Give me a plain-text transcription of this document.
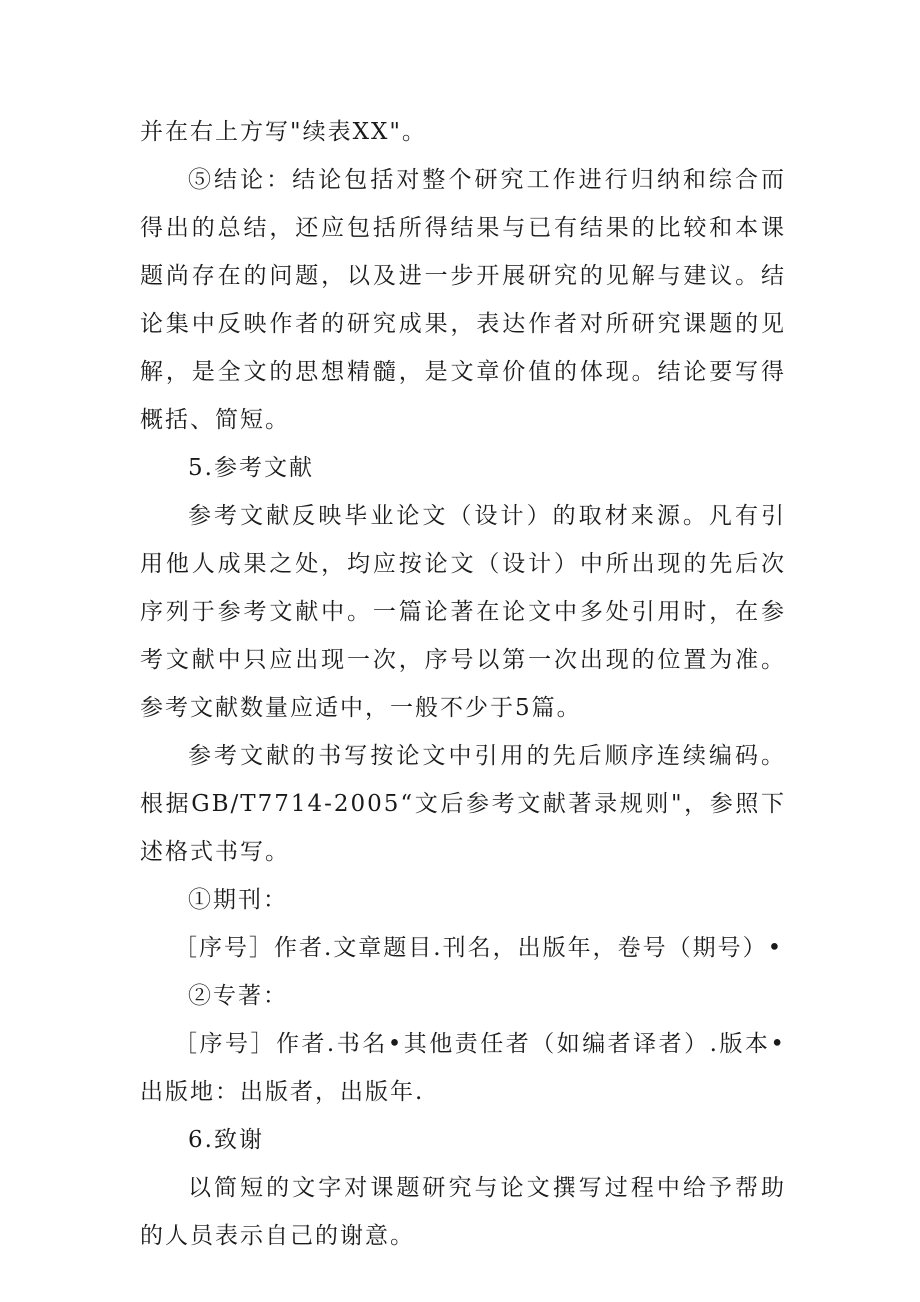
并在右上方写"续表XX"。

⑤结论：结论包括对整个研究工作进行归纳和综合而得出的总结，还应包括所得结果与已有结果的比较和本课题尚存在的问题，以及进一步开展研究的见解与建议。结论集中反映作者的研究成果，表达作者对所研究课题的见解，是全文的思想精髓，是文章价值的体现。结论要写得概括、简短。

5.参考文献

参考文献反映毕业论文（设计）的取材来源。凡有引用他人成果之处，均应按论文（设计）中所出现的先后次序列于参考文献中。一篇论著在论文中多处引用时，在参考文献中只应出现一次，序号以第一次出现的位置为准。参考文献数量应适中，一般不少于5篇。

参考文献的书写按论文中引用的先后顺序连续编码。根据GB/T7714-2005“文后参考文献著录规则"，参照下述格式书写。

①期刊：

［序号］作者.文章题目.刊名，出版年，卷号（期号）•

②专著：

［序号］作者.书名•其他责任者（如编者译者）.版本•出版地：出版者，出版年.

6.致谢

以简短的文字对课题研究与论文撰写过程中给予帮助的人员表示自己的谢意。
